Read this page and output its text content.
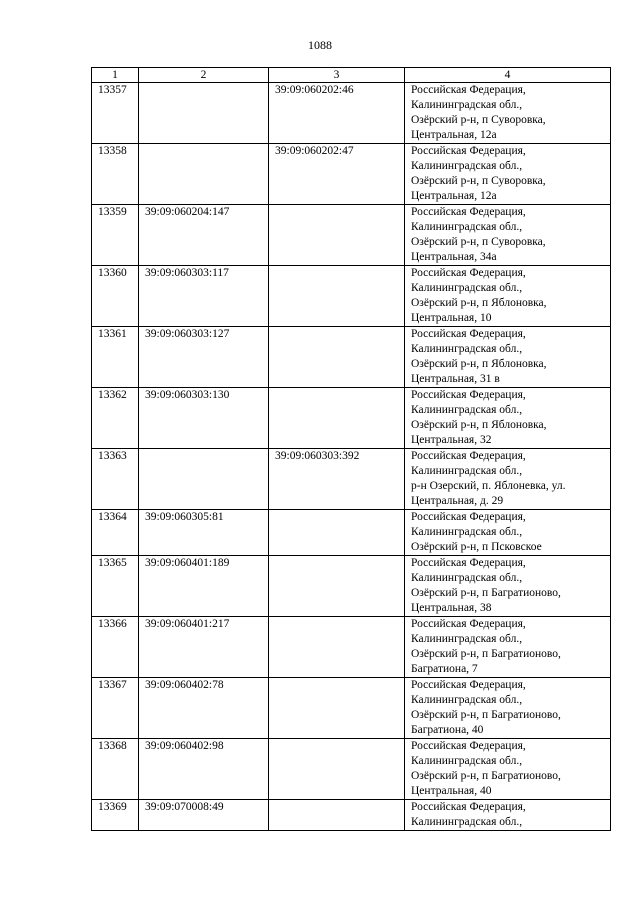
1088
1	2	3	4
13357		39:09:060202:46	Российская Федерация,
Калининградская обл.,
Озёрский р-н, п Суворовка,
Центральная, 12а

13358		39:09:060202:47	Российская Федерация,
Калининградская обл.,
Озёрский р-н, п Суворовка,
Центральная, 12а

13359	39:09:060204:147		Российская Федерация,
Калининградская обл.,
Озёрский р-н, п Суворовка,
Центральная, 34а

13360	39:09:060303:117		Российская Федерация,
Калининградская обл.,
Озёрский р-н, п Яблоновка,
Центральная, 10

13361	39:09:060303:127		Российская Федерация,
Калининградская обл.,
Озёрский р-н, п Яблоновка,
Центральная, 31 в

13362	39:09:060303:130		Российская Федерация,
Калининградская обл.,
Озёрский р-н, п Яблоновка,
Центральная, 32

13363		39:09:060303:392	Российская Федерация,
Калининградская обл.,
р-н Озерский, п. Яблоневка, ул.
Центральная, д. 29

13364	39:09:060305:81		Российская Федерация,
Калининградская обл.,
Озёрский р-н, п Псковское

13365	39:09:060401:189		Российская Федерация,
Калининградская обл.,
Озёрский р-н, п Багратионово,
Центральная, 38

13366	39:09:060401:217		Российская Федерация,
Калининградская обл.,
Озёрский р-н, п Багратионово,
Багратиона, 7

13367	39:09:060402:78		Российская Федерация,
Калининградская обл.,
Озёрский р-н, п Багратионово,
Багратиона, 40

13368	39:09:060402:98		Российская Федерация,
Калининградская обл.,
Озёрский р-н, п Багратионово,
Центральная, 40

13369	39:09:070008:49		Российская Федерация,
Калининградская обл.,
